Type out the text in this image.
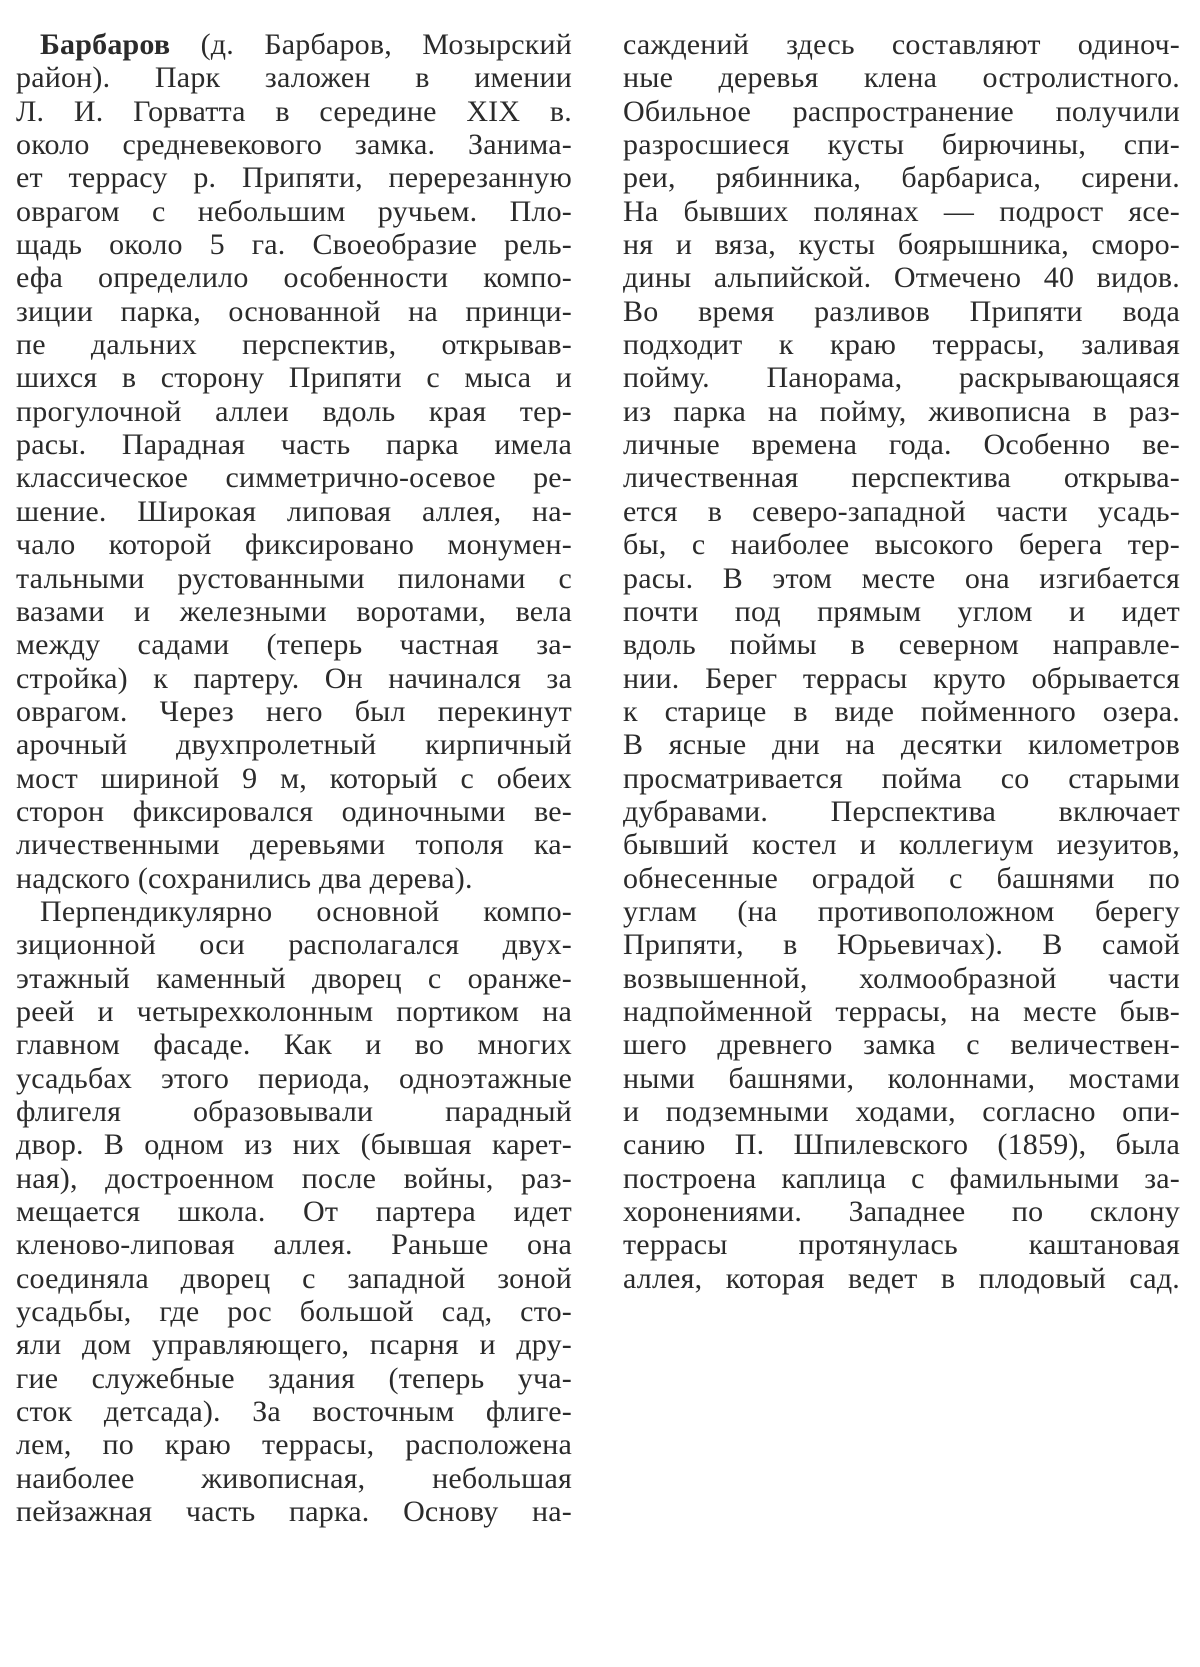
Барбаров (д. Барбаров, Мозырский
район). Парк заложен в имении
Л. И. Горватта в середине XIX в.
около средневекового замка. Занима-
ет террасу р. Припяти, перерезанную
оврагом с небольшим ручьем. Пло-
щадь около 5 га. Своеобразие рель-
ефа определило особенности компо-
зиции парка, основанной на принци-
пе дальних перспектив, открывав-
шихся в сторону Припяти с мыса и
прогулочной аллеи вдоль края тер-
расы. Парадная часть парка имела
классическое симметрично-осевое ре-
шение. Широкая липовая аллея, на-
чало которой фиксировано монумен-
тальными рустованными пилонами с
вазами и железными воротами, вела
между садами (теперь частная за-
стройка) к партеру. Он начинался за
оврагом. Через него был перекинут
арочный двухпролетный кирпичный
мост шириной 9 м, который с обеих
сторон фиксировался одиночными ве-
личественными деревьями тополя ка-
надского (сохранились два дерева).
Перпендикулярно основной компо-
зиционной оси располагался двух-
этажный каменный дворец с оранже-
реей и четырехколонным портиком на
главном фасаде. Как и во многих
усадьбах этого периода, одноэтажные
флигеля образовывали парадный
двор. В одном из них (бывшая карет-
ная), достроенном после войны, раз-
мещается школа. От партера идет
кленово-липовая аллея. Раньше она
соединяла дворец с западной зоной
усадьбы, где рос большой сад, сто-
яли дом управляющего, псарня и дру-
гие служебные здания (теперь уча-
сток детсада). За восточным флиге-
лем, по краю террасы, расположена
наиболее живописная, небольшая
пейзажная часть парка. Основу на-
саждений здесь составляют одиноч-
ные деревья клена остролистного.
Обильное распространение получили
разросшиеся кусты бирючины, спи-
реи, рябинника, барбариса, сирени.
На бывших полянах — подрост ясе-
ня и вяза, кусты боярышника, сморо-
дины альпийской. Отмечено 40 видов.
Во время разливов Припяти вода
подходит к краю террасы, заливая
пойму. Панорама, раскрывающаяся
из парка на пойму, живописна в раз-
личные времена года. Особенно ве-
личественная перспектива открыва-
ется в северо-западной части усадь-
бы, с наиболее высокого берега тер-
расы. В этом месте она изгибается
почти под прямым углом и идет
вдоль поймы в северном направле-
нии. Берег террасы круто обрывается
к старице в виде пойменного озера.
В ясные дни на десятки километров
просматривается пойма со старыми
дубравами. Перспектива включает
бывший костел и коллегиум иезуитов,
обнесенные оградой с башнями по
углам (на противоположном берегу
Припяти, в Юрьевичах). В самой
возвышенной, холмообразной части
надпойменной террасы, на месте быв-
шего древнего замка с величествен-
ными башнями, колоннами, мостами
и подземными ходами, согласно опи-
санию П. Шпилевского (1859), была
построена каплица с фамильными за-
хоронениями. Западнее по склону
террасы протянулась каштановая
аллея, которая ведет в плодовый сад.
